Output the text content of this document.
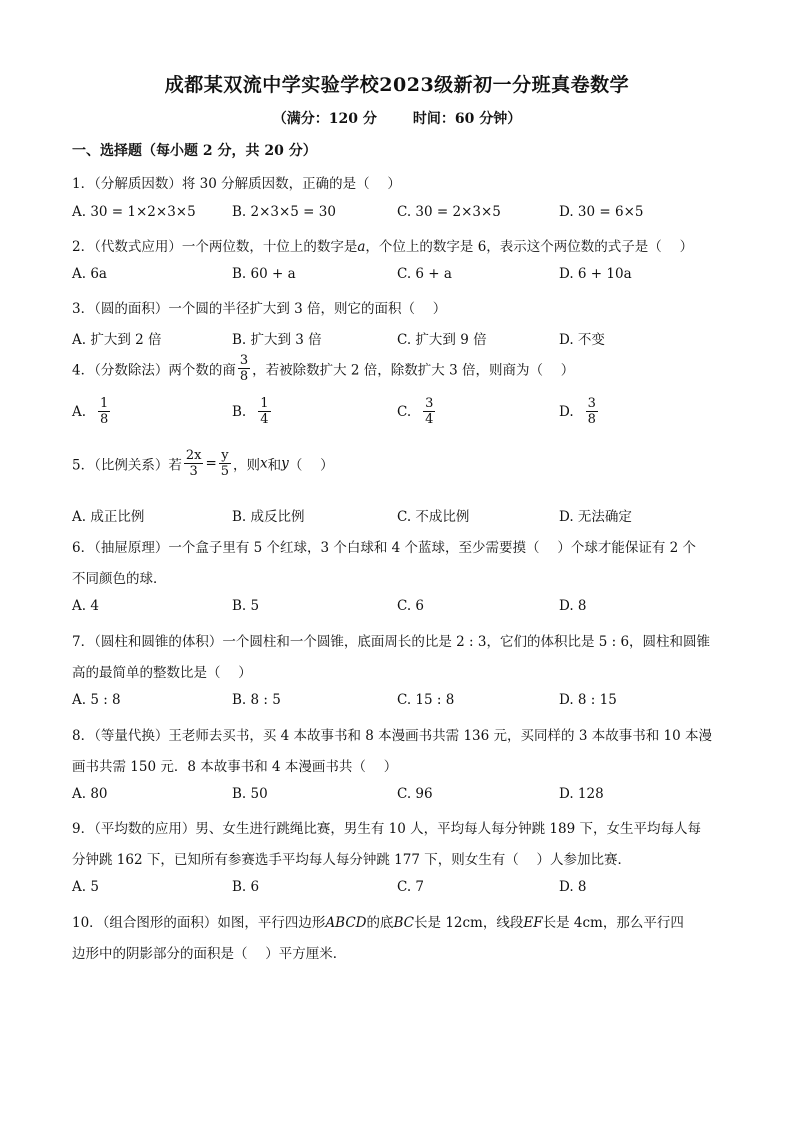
成都某双流中学实验学校2023级新初一分班真卷数学
（满分：120 分	时间：60 分钟）
一、选择题（每小题 2 分，共 20 分）
1．（分解质因数）将 30 分解质因数，正确的是（　 ）
A. 30 = 1×2×3×5	B. 2×3×5 = 30	C. 30 = 2×3×5	D. 30 = 6×5
2．（代数式应用）一个两位数，十位上的数字是a，个位上的数字是 6，表示这个两位数的式子是（　 ）
A. 6a	B. 60 + a	C. 6 + a	D. 6 + 10a
3．（圆的面积）一个圆的半径扩大到 3 倍，则它的面积（　 ）
A. 扩大到 2 倍	B. 扩大到 3 倍	C. 扩大到 9 倍	D. 不变
4．（分数除法）两个数的商 $\frac{3}{8}$ ，若被除数扩大 2 倍，除数扩大 3 倍，则商为（　 ）
A. $\frac{1}{8}$	B. $\frac{1}{4}$	C. $\frac{3}{4}$	D. $\frac{3}{8}$
5．（比例关系）若 $\frac{2x}{3} = \frac{y}{5}$ ，则x和y（　 ）
A. 成正比例	B. 成反比例	C. 不成比例	D. 无法确定
6．（抽屉原理）一个盒子里有 5 个红球，3 个白球和 4 个蓝球，至少需要摸（　 ）个球才能保证有 2 个
不同颜色的球．
A. 4	B. 5	C. 6	D. 8
7．（圆柱和圆锥的体积）一个圆柱和一个圆锥，底面周长的比是 2 : 3，它们的体积比是 5 : 6，圆柱和圆锥
高的最简单的整数比是（　 ）
A. 5 : 8	B. 8 : 5	C. 15 : 8	D. 8 : 15
8．（等量代换）王老师去买书，买 4 本故事书和 8 本漫画书共需 136 元，买同样的 3 本故事书和 10 本漫
画书共需 150 元．8 本故事书和 4 本漫画书共（　 ）
A. 80	B. 50	C. 96	D. 128
9．（平均数的应用）男、女生进行跳绳比赛，男生有 10 人，平均每人每分钟跳 189 下，女生平均每人每
分钟跳 162 下，已知所有参赛选手平均每人每分钟跳 177 下，则女生有（　 ）人参加比赛．
A. 5	B. 6	C. 7	D. 8
10．（组合图形的面积）如图，平行四边形ABCD的底BC长是 12cm，线段EF长是 4cm，那么平行四
边形中的阴影部分的面积是（　 ）平方厘米．
